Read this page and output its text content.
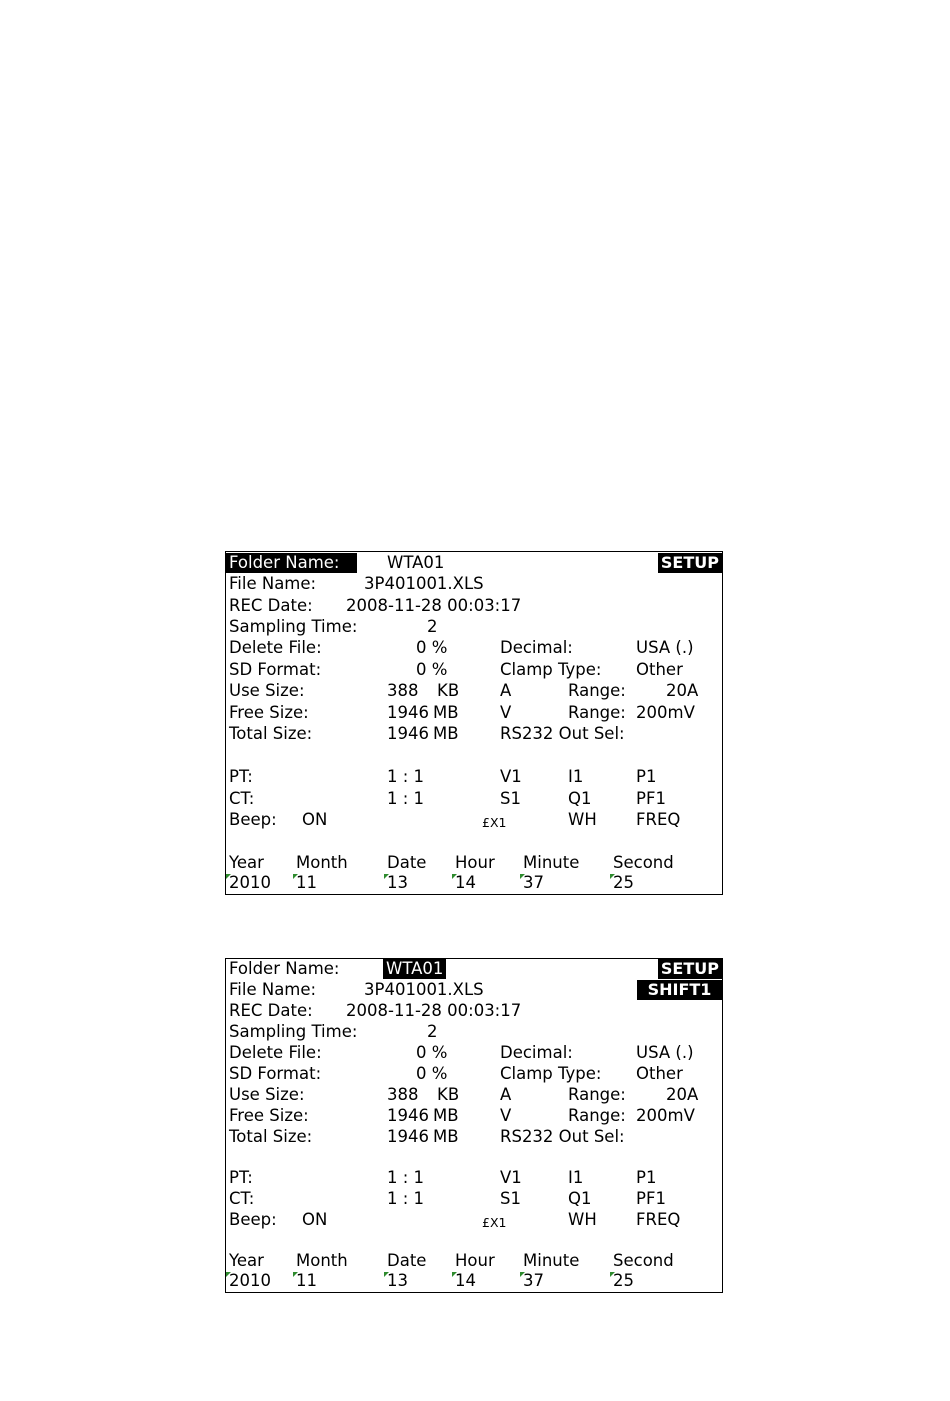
Folder Name:	WTA01	SETUP
File Name:	3P401001.XLS
REC Date: 2008-11-28 00:03:17
Sampling Time:	2
Delete File:	0 %	Decimal:	USA (.)
SD Format:	0 %	Clamp Type: Other
Use Size:	388 KB A	Range: 20A
Free Size:	1946 MB	V	Range: 200mV
Total Size:	1946 MB	RS232 Out Sel:
PT:	1 : 1	V1	I1	P1
CT:	1 : 1	S1	Q1	PF1
Beep: ON	£X1	WH FREQ
Year Month Date Hour Minute Second
2010 11	13	14	37	25
Folder Name:	WTA01	SETUP
SHIFT1
File Name:	3P401001.XLS
REC Date: 2008-11-28 00:03:17
Sampling Time:	2
Delete File:	0 %	Decimal:	USA (.)
SD Format:	0 %	Clamp Type: Other
Use Size:	388 KB A	Range: 20A
Free Size:	1946 MB	V	Range: 200mV
Total Size:	1946 MB	RS232 Out Sel:
PT:	1 : 1	V1	I1	P1
CT:	1 : 1	S1	Q1	PF1
Beep: ON	£X1	WH FREQ
Year Month Date Hour Minute Second
2010 11	13	14	37	25
